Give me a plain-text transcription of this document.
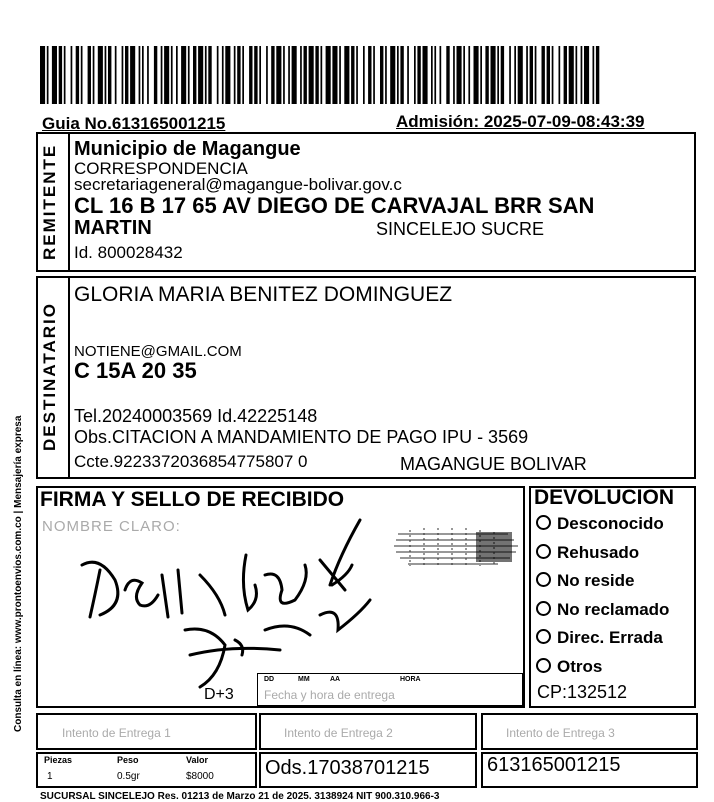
Guia No.613165001215	Admisión: 2025-07-09-08:43:39
REMITENTE Municipio de Magangue
CORRESPONDENCIA
secretariageneral@magangue-bolivar.gov.c
CL 16 B 17 65 AV DIEGO DE CARVAJAL BRR SAN
MARTIN	SINCELEJO SUCRE
Id. 800028432
DESTINATARIO
GLORIA MARIA BENITEZ DOMINGUEZ
NOTIENE@GMAIL.COM
C 15A 20 35
Tel.20240003569 Id.42225148
Obs.CITACION A MANDAMIENTO DE PAGO IPU - 3569
Ccte.9223372036854775807 0	MAGANGUE BOLIVAR
FIRMA Y SELLO DE RECIBIDO
NOMBRE CLARO:
D+3
DD	MM	AA	HORA
Fecha y hora de entrega
DEVOLUCION
Desconocido
Rehusado
No reside
No reclamado
Direc. Errada
Otros
CP:132512
Intento de Entrega 1	Intento de Entrega 2	Intento de Entrega 3
Piezas	Peso	Valor
1	0.5gr	$8000	Ods.17038701215	613165001215
SUCURSAL SINCELEJO Res. 01213 de Marzo 21 de 2025. 3138924 NIT 900.310.966-3
Consulta en línea: www.prontoenvios.com.co | Mensajería expresa
